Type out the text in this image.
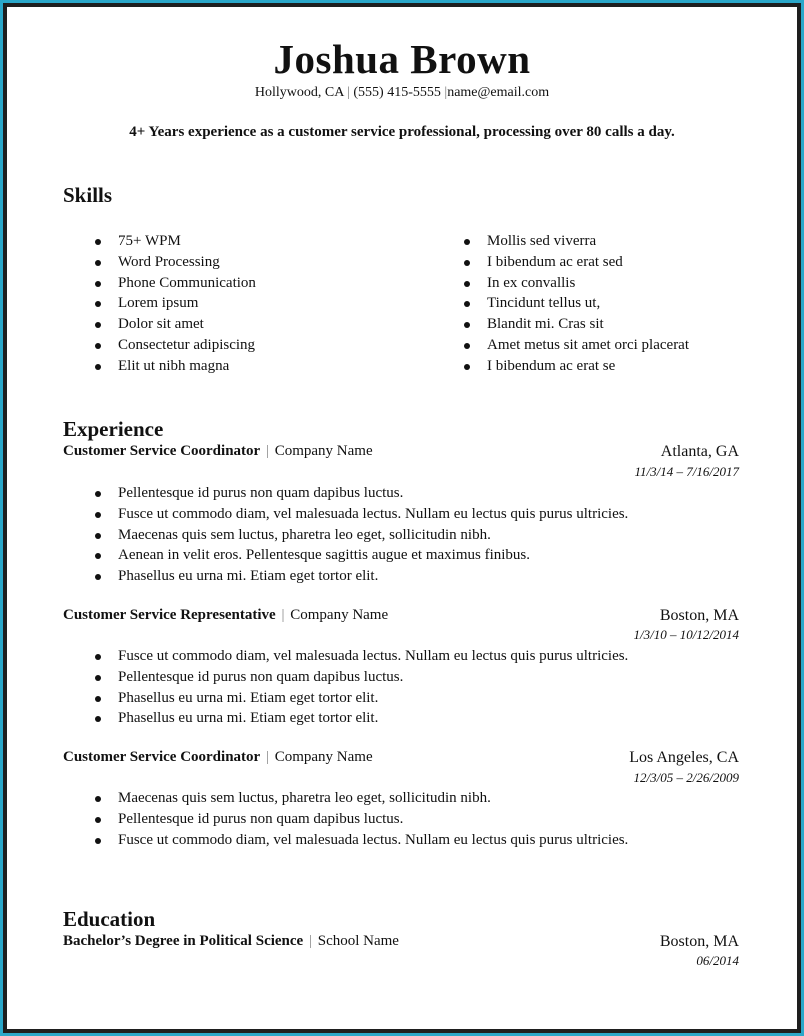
Joshua Brown
Hollywood, CA | (555) 415-5555 |name@email.com
4+ Years experience as a customer service professional, processing over 80 calls a day.
Skills
75+ WPM
Word Processing
Phone Communication
Lorem ipsum
Dolor sit amet
Consectetur adipiscing
Elit ut nibh magna
Mollis sed viverra
I bibendum ac erat sed
In ex convallis
Tincidunt tellus ut,
Blandit mi. Cras sit
Amet metus sit amet orci placerat
I bibendum ac erat se
Experience
Customer Service Coordinator | Company Name	Atlanta, GA
11/3/14 – 7/16/2017
Pellentesque id purus non quam dapibus luctus.
Fusce ut commodo diam, vel malesuada lectus. Nullam eu lectus quis purus ultricies.
Maecenas quis sem luctus, pharetra leo eget, sollicitudin nibh.
Aenean in velit eros. Pellentesque sagittis augue et maximus finibus.
Phasellus eu urna mi. Etiam eget tortor elit.
Customer Service Representative | Company Name	Boston, MA
1/3/10 – 10/12/2014
Fusce ut commodo diam, vel malesuada lectus. Nullam eu lectus quis purus ultricies.
Pellentesque id purus non quam dapibus luctus.
Phasellus eu urna mi. Etiam eget tortor elit.
Phasellus eu urna mi. Etiam eget tortor elit.
Customer Service Coordinator | Company Name	Los Angeles, CA
12/3/05 – 2/26/2009
Maecenas quis sem luctus, pharetra leo eget, sollicitudin nibh.
Pellentesque id purus non quam dapibus luctus.
Fusce ut commodo diam, vel malesuada lectus. Nullam eu lectus quis purus ultricies.
Education
Bachelor’s Degree in Political Science | School Name	Boston, MA
06/2014
